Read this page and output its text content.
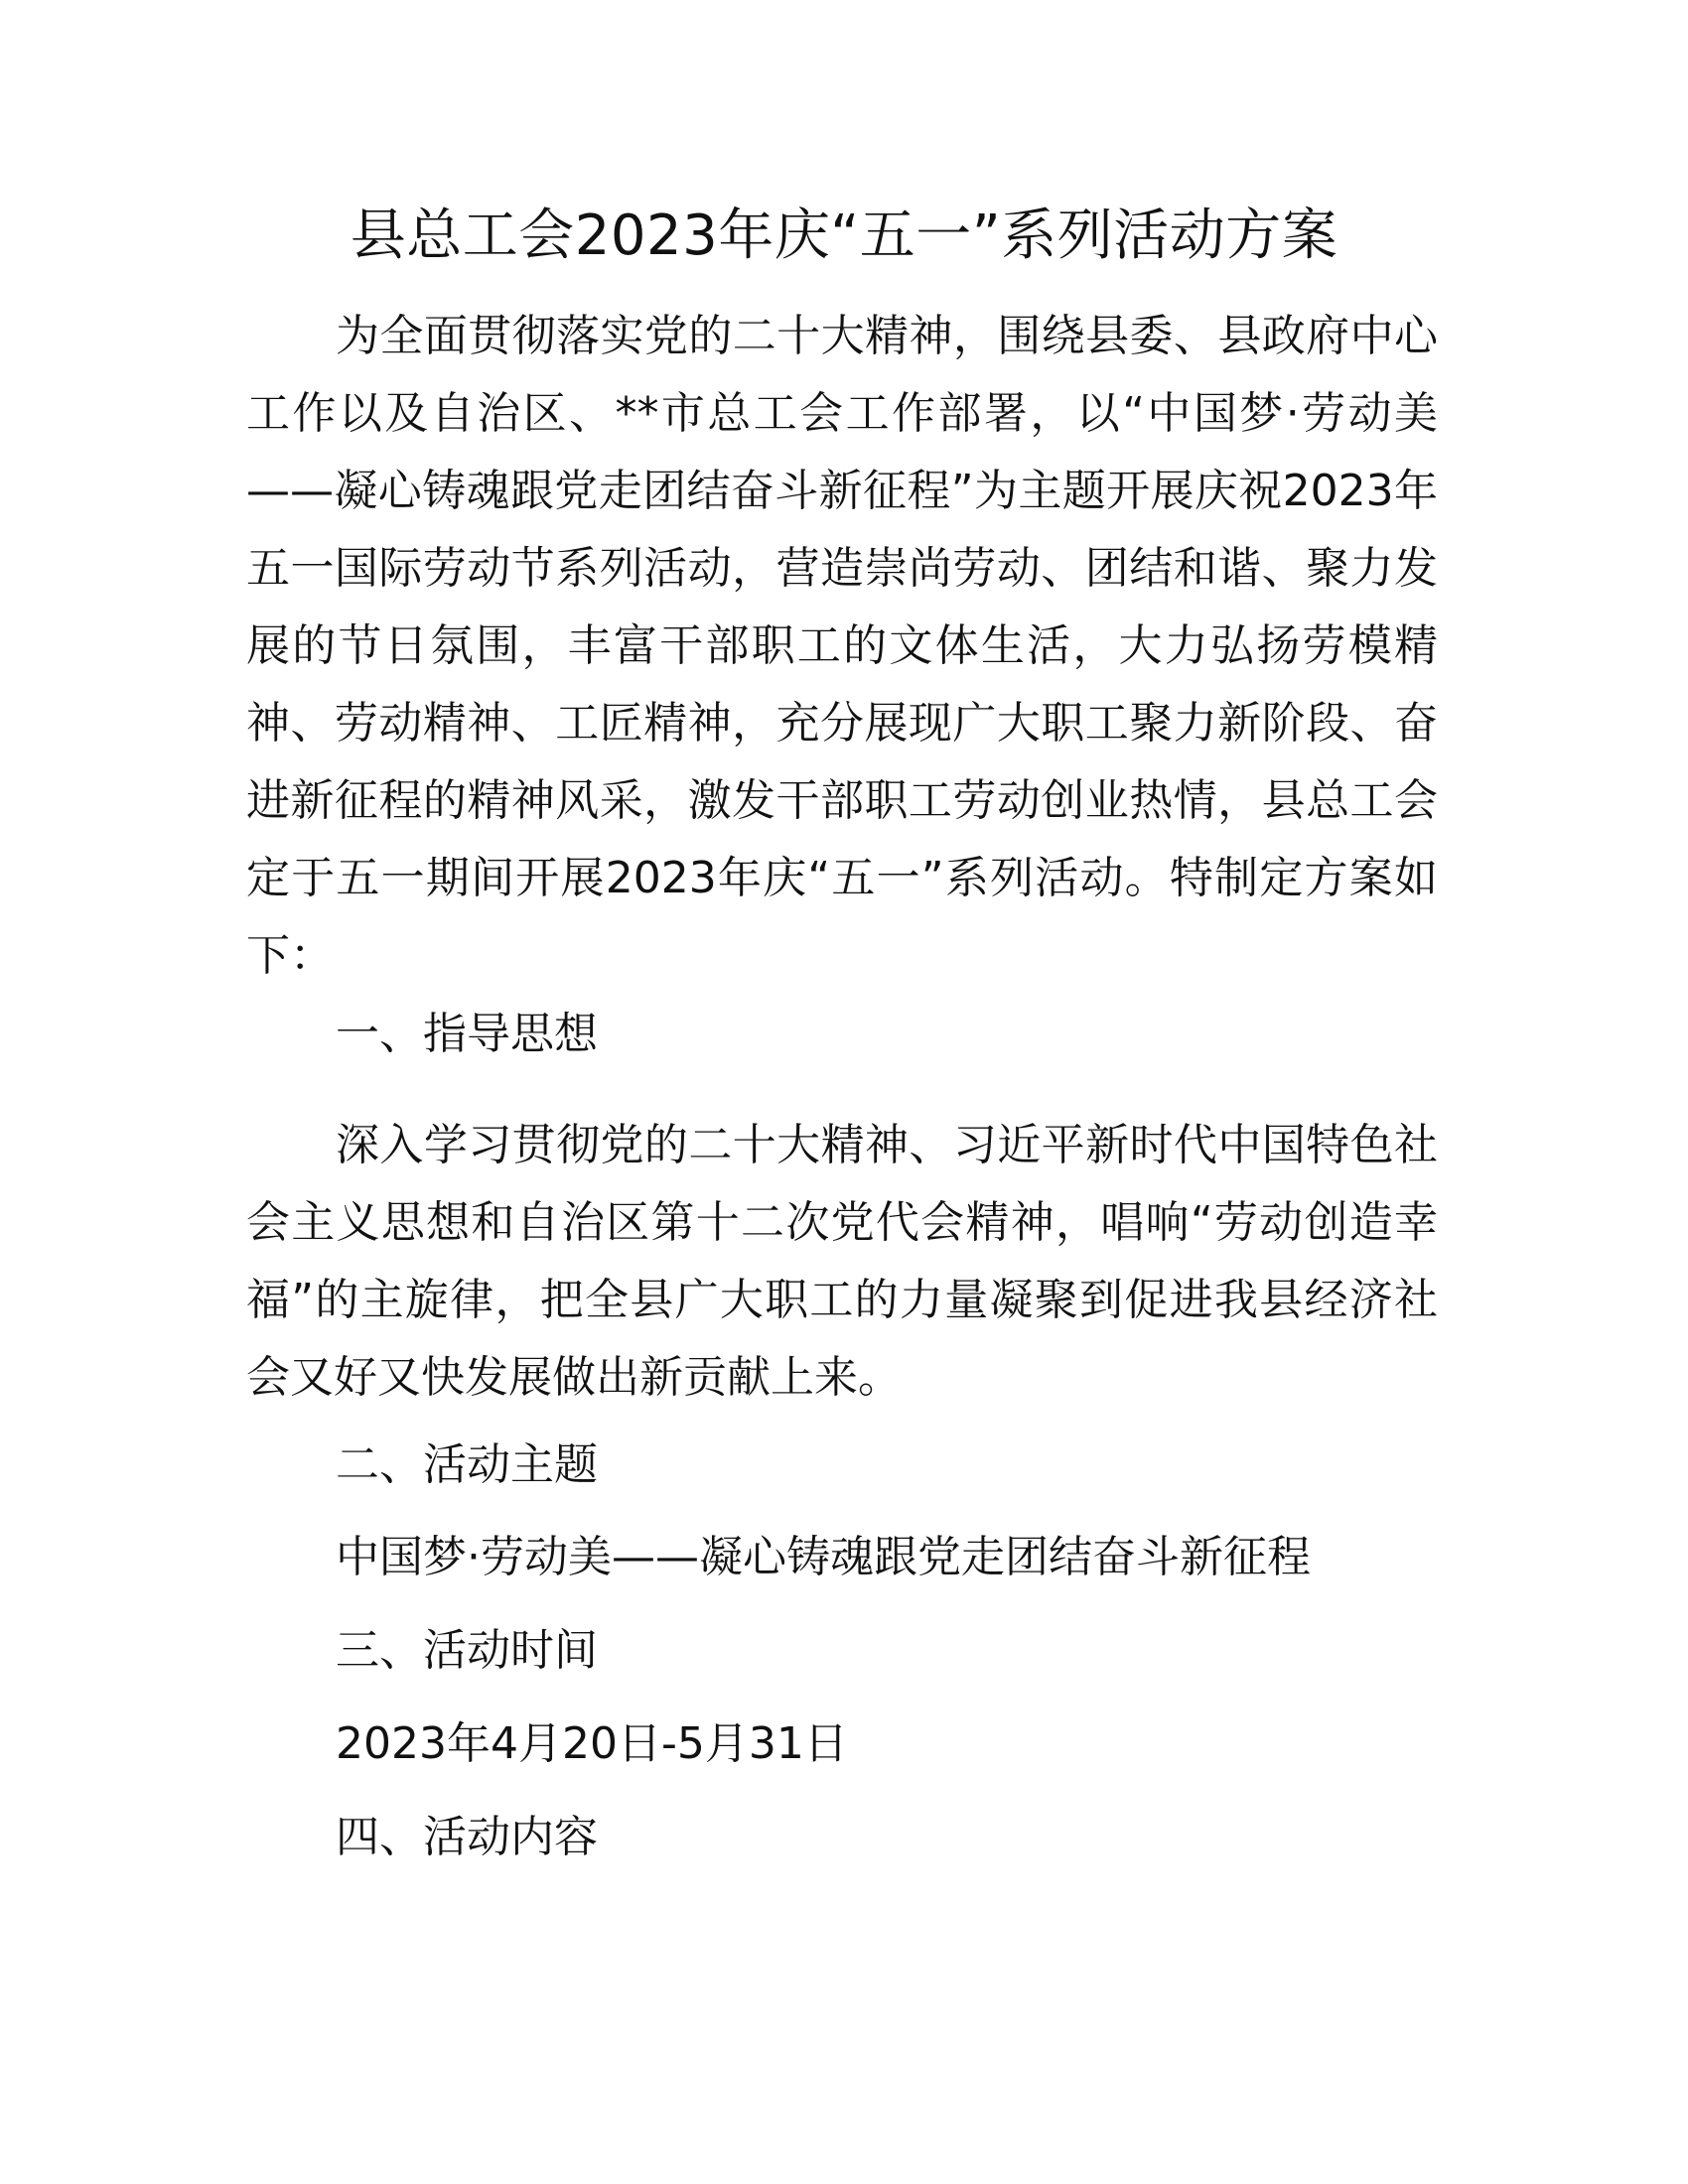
县总工会2023年庆“五一”系列活动方案

为全面贯彻落实党的二十大精神，围绕县委、县政府中心工作以及自治区、**市总工会工作部署，以“中国梦·劳动美——凝心铸魂跟党走团结奋斗新征程”为主题开展庆祝2023年五一国际劳动节系列活动，营造崇尚劳动、团结和谐、聚力发展的节日氛围，丰富干部职工的文体生活，大力弘扬劳模精神、劳动精神、工匠精神，充分展现广大职工聚力新阶段、奋进新征程的精神风采，激发干部职工劳动创业热情，县总工会定于五一期间开展2023年庆“五一”系列活动。特制定方案如下：

一、指导思想

深入学习贯彻党的二十大精神、习近平新时代中国特色社会主义思想和自治区第十二次党代会精神，唱响“劳动创造幸福”的主旋律，把全县广大职工的力量凝聚到促进我县经济社会又好又快发展做出新贡献上来。

二、活动主题

中国梦·劳动美——凝心铸魂跟党走团结奋斗新征程

三、活动时间

2023年4月20日-5月31日

四、活动内容
